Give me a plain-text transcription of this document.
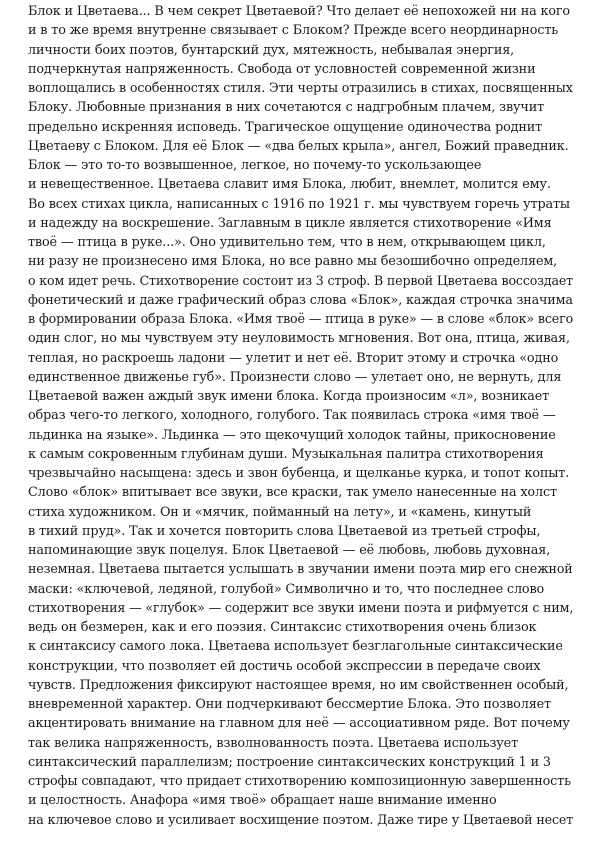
Блок и Цветаева... В чем секрет Цветаевой? Что делает её непохожей ни на кого
и в то же время внутренне связывает с Блоком? Прежде всего неординарность
личности боих поэтов, бунтарский дух, мятежность, небывалая энергия,
подчеркнутая напряженность. Свобода от условностей современной жизни
воплощались в особенностях стиля. Эти черты отразились в стихах, посвященных
Блоку. Любовные признания в них сочетаются с надгробным плачем, звучит
предельно искренняя исповедь. Трагическое ощущение одиночества роднит
Цветаеву с Блоком. Для её Блок — «два белых крыла», ангел, Божий праведник.
Блок — это то-то возвышенное, легкое, но почему-то ускользающее
и невещественное. Цветаева славит имя Блока, любит, внемлет, молится ему.
Во всех стихах цикла, написанных с 1916 по 1921 г. мы чувствуем горечь утраты
и надежду на воскрешение. Заглавным в цикле является стихотворение «Имя
твоё — птица в руке...». Оно удивительно тем, что в нем, открывающем цикл,
ни разу не произнесено имя Блока, но все равно мы безошибочно определяем,
о ком идет речь. Стихотворение состоит из 3 строф. В первой Цветаева воссоздает
фонетический и даже графический образ слова «Блок», каждая строчка значима
в формировании образа Блока. «Имя твоё — птица в руке» — в слове «блок» всего
один слог, но мы чувствуем эту неуловимость мгновения. Вот она, птица, живая,
теплая, но раскроешь ладони — улетит и нет её. Вторит этому и строчка «одно
единственное движенье губ». Произнести слово — улетает оно, не вернуть, для
Цветаевой важен аждый звук имени блока. Когда произносим «л», возникает
образ чего-то легкого, холодного, голубого. Так появилась строка «имя твоё —
льдинка на языке». Льдинка — это щекочущий холодок тайны, прикосновение
к самым сокровенным глубинам души. Музыкальная палитра стихотворения
чрезвычайно насыщена: здесь и звон бубенца, и щелканье курка, и топот копыт.
Слово «блок» впитывает все звуки, все краски, так умело нанесенные на холст
стиха художником. Он и «мячик, пойманный на лету», и «камень, кинутый
в тихий пруд». Так и хочется повторить слова Цветаевой из третьей строфы,
напоминающие звук поцелуя. Блок Цветаевой — её любовь, любовь духовная,
неземная. Цветаева пытается услышать в звучании имени поэта мир его снежной
маски: «ключевой, ледяной, голубой» Символично и то, что последнее слово
стихотворения — «глубок» — содержит все звуки имени поэта и рифмуется с ним,
ведь он безмерен, как и его поэзия. Синтаксис стихотворения очень близок
к синтаксису самого лока. Цветаева использует безглагольные синтаксические
конструкции, что позволяет ей достичь особой экспрессии в передаче своих
чувств. Предложения фиксируют настоящее время, но им свойственнен особый,
вневременной характер. Они подчеркивают бессмертие Блока. Это позволяет
акцентировать внимание на главном для неё — ассоциативном ряде. Вот почему
так велика напряженность, взволнованность поэта. Цветаева использует
синтаксический параллелизм; построение синтаксических конструкций 1 и 3
строфы совпадают, что придает стихотворению композиционную завершенность
и целостность. Анафора «имя твоё» обращает наше внимание именно
на ключевое слово и усиливает восхищение поэтом. Даже тире у Цветаевой несет
